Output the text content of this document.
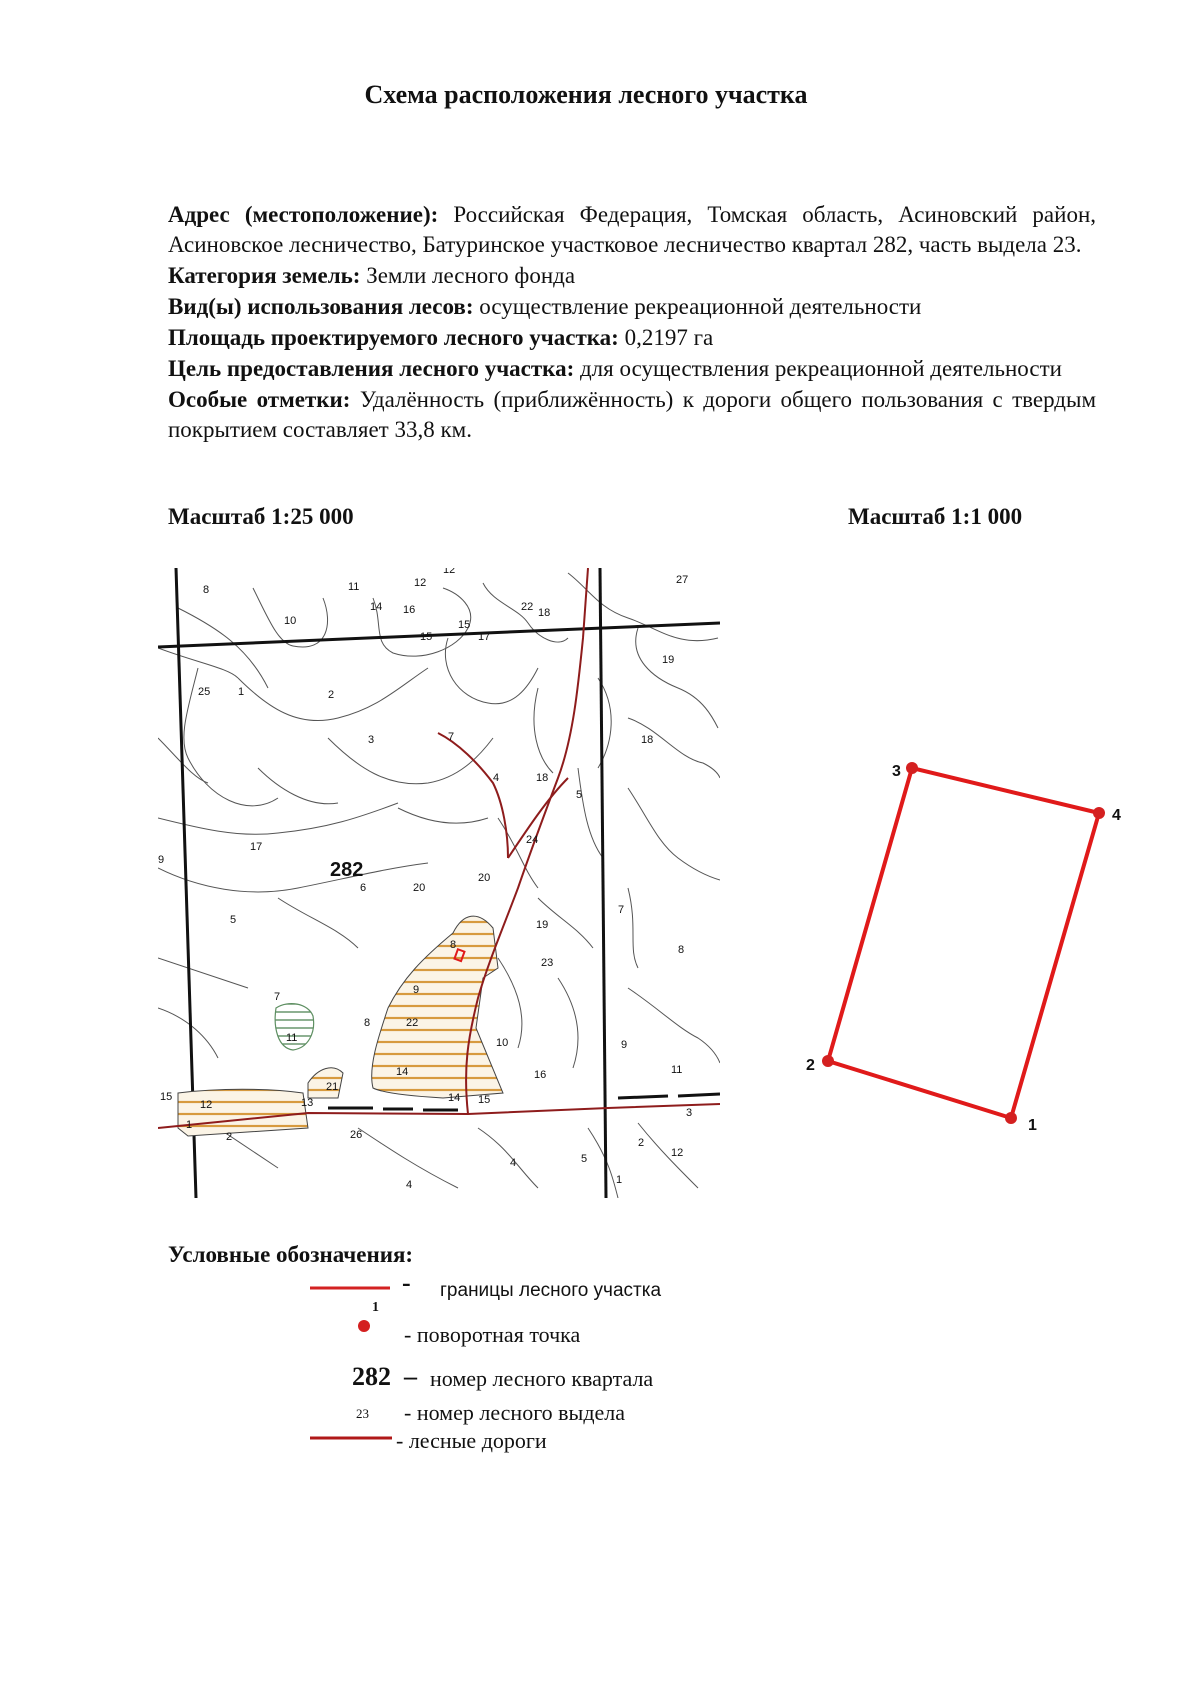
Схема расположения лесного участка

Адрес (местоположение): Российская Федерация, Томская область, Асиновский район, Асиновское лесничество, Батуринское участковое лесничество квартал 282, часть выдела 23.

Категория земель: Земли лесного фонда

Вид(ы) использования лесов: осуществление рекреационной деятельности

Площадь проектируемого лесного участка: 0,2197 га

Цель предоставления лесного участка: для осуществления рекреационной деятельности

Особые отметки: Удалённость (приближённость) к дороги общего пользования с твердым покрытием составляет 33,8 км.

Масштаб 1:25 000	Масштаб 1:1 000
8	11
12
12	27
10
14 16	18
22
15
15	17
19
25	1	2
3	7	18
4	18
5
24
9
17
282
6	20
20
19
7
5
8
23
8
7
9
8	22
10	9
11
16	11
15
12	13
21
14
14 15
1
2	26
3
2
12
5
4
4	1
1
2
3
4
Условные обозначения:
- границы лесного участка
1
- поворотная точка
282 – номер лесного квартала
23 - номер лесного выдела
- лесные дороги
